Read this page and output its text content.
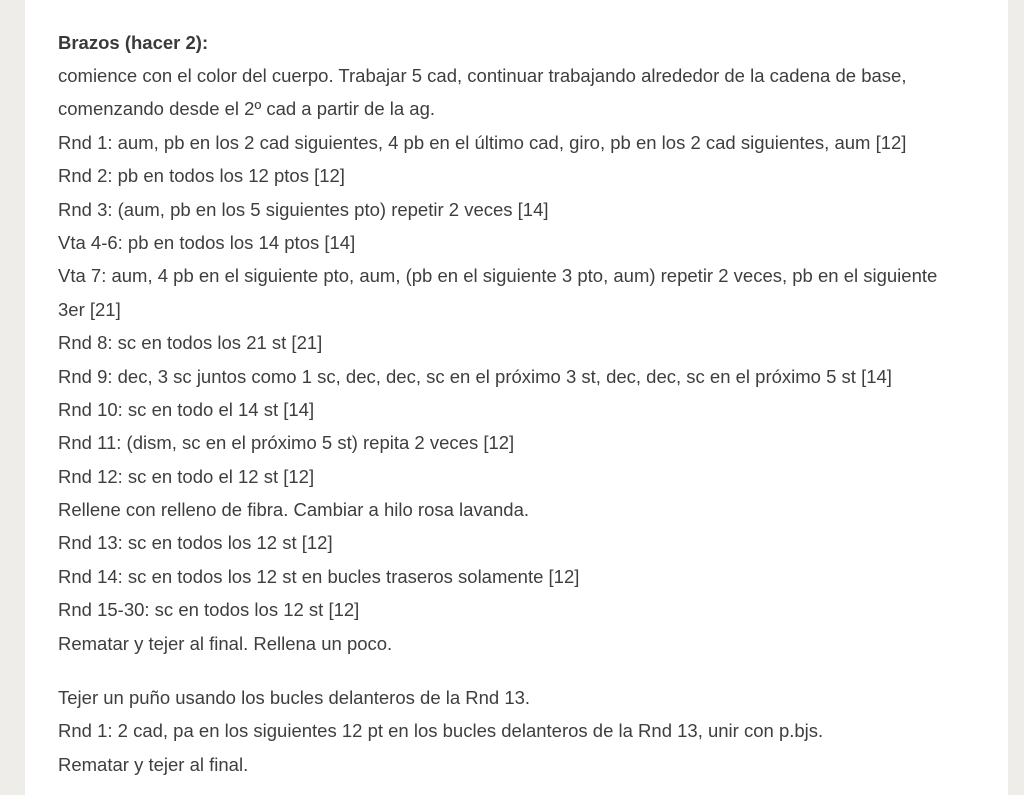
Brazos (hacer 2):
comience con el color del cuerpo. Trabajar 5 cad, continuar trabajando alrededor de la cadena de base,
comenzando desde el 2º cad a partir de la ag.
Rnd 1: aum, pb en los 2 cad siguientes, 4 pb en el último cad, giro, pb en los 2 cad siguientes, aum [12]
Rnd 2: pb en todos los 12 ptos [12]
Rnd 3: (aum, pb en los 5 siguientes pto) repetir 2 veces [14]
Vta 4-6: pb en todos los 14 ptos [14]
Vta 7: aum, 4 pb en el siguiente pto, aum, (pb en el siguiente 3 pto, aum) repetir 2 veces, pb en el siguiente
3er [21]
Rnd 8: sc en todos los 21 st [21]
Rnd 9: dec, 3 sc juntos como 1 sc, dec, dec, sc en el próximo 3 st, dec, dec, sc en el próximo 5 st [14]
Rnd 10: sc en todo el 14 st [14]
Rnd 11: (dism, sc en el próximo 5 st) repita 2 veces [12]
Rnd 12: sc en todo el 12 st [12]
Rellene con relleno de fibra. Cambiar a hilo rosa lavanda.
Rnd 13: sc en todos los 12 st [12]
Rnd 14: sc en todos los 12 st en bucles traseros solamente [12]
Rnd 15-30: sc en todos los 12 st [12]
Rematar y tejer al final. Rellena un poco.
Tejer un puño usando los bucles delanteros de la Rnd 13.
Rnd 1: 2 cad, pa en los siguientes 12 pt en los bucles delanteros de la Rnd 13, unir con p.bjs.
Rematar y tejer al final.
